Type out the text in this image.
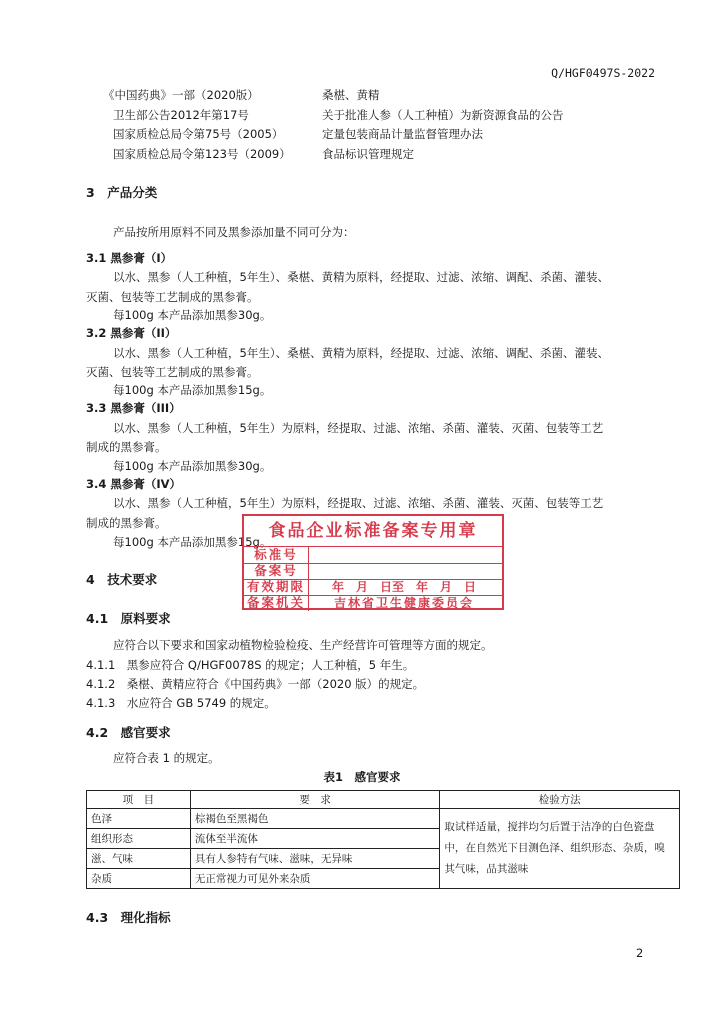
Q/HGF0497S-2022
《中国药典》一部（2020版）	桑椹、黄精
卫生部公告2012年第17号	关于批准人参（人工种植）为新资源食品的公告
国家质检总局令第75号（2005）	定量包装商品计量监督管理办法
国家质检总局令第123号（2009）	食品标识管理规定
3　产品分类
产品按所用原料不同及黑参添加量不同可分为：
3.1 黑参膏（I）
以水、黑参（人工种植，5年生）、桑椹、黄精为原料，经提取、过滤、浓缩、调配、杀菌、灌装、
灭菌、包装等工艺制成的黑参膏。
每100g 本产品添加黑参30g。
3.2 黑参膏（II）
以水、黑参（人工种植，5年生）、桑椹、黄精为原料，经提取、过滤、浓缩、调配、杀菌、灌装、
灭菌、包装等工艺制成的黑参膏。
每100g 本产品添加黑参15g。
3.3 黑参膏（III）
以水、黑参（人工种植，5年生）为原料，经提取、过滤、浓缩、杀菌、灌装、灭菌、包装等工艺
制成的黑参膏。
每100g 本产品添加黑参30g。
3.4 黑参膏（IV）
以水、黑参（人工种植，5年生）为原料，经提取、过滤、浓缩、杀菌、灌装、灭菌、包装等工艺
制成的黑参膏。
每100g 本产品添加黑参15g。
4　技术要求
4.1　原料要求
应符合以下要求和国家动植物检验检疫、生产经营许可管理等方面的规定。
4.1.1　黑参应符合 Q/HGF0078S 的规定；人工种植，5 年生。
4.1.2　桑椹、黄精应符合《中国药典》一部（2020 版）的规定。
4.1.3　水应符合 GB 5749 的规定。
4.2　感官要求
应符合表 1 的规定。
表1　感官要求
项　目	要　求	检验方法
色泽	棕褐色至黑褐色	取试样适量，搅拌均匀后置于洁净的白色瓷盘中，在自然光下目测色泽、组织形态、杂质，嗅其气味，品其滋味
组织形态	流体至半流体	
滋、气味	具有人参特有气味、滋味，无异味	
杂质	无正常视力可见外来杂质	
4.3　理化指标
食品企业标准备案专用章
标准号
备案号
有效期限	年　月　日至　年　月　日
备案机关	吉林省卫生健康委员会
2
